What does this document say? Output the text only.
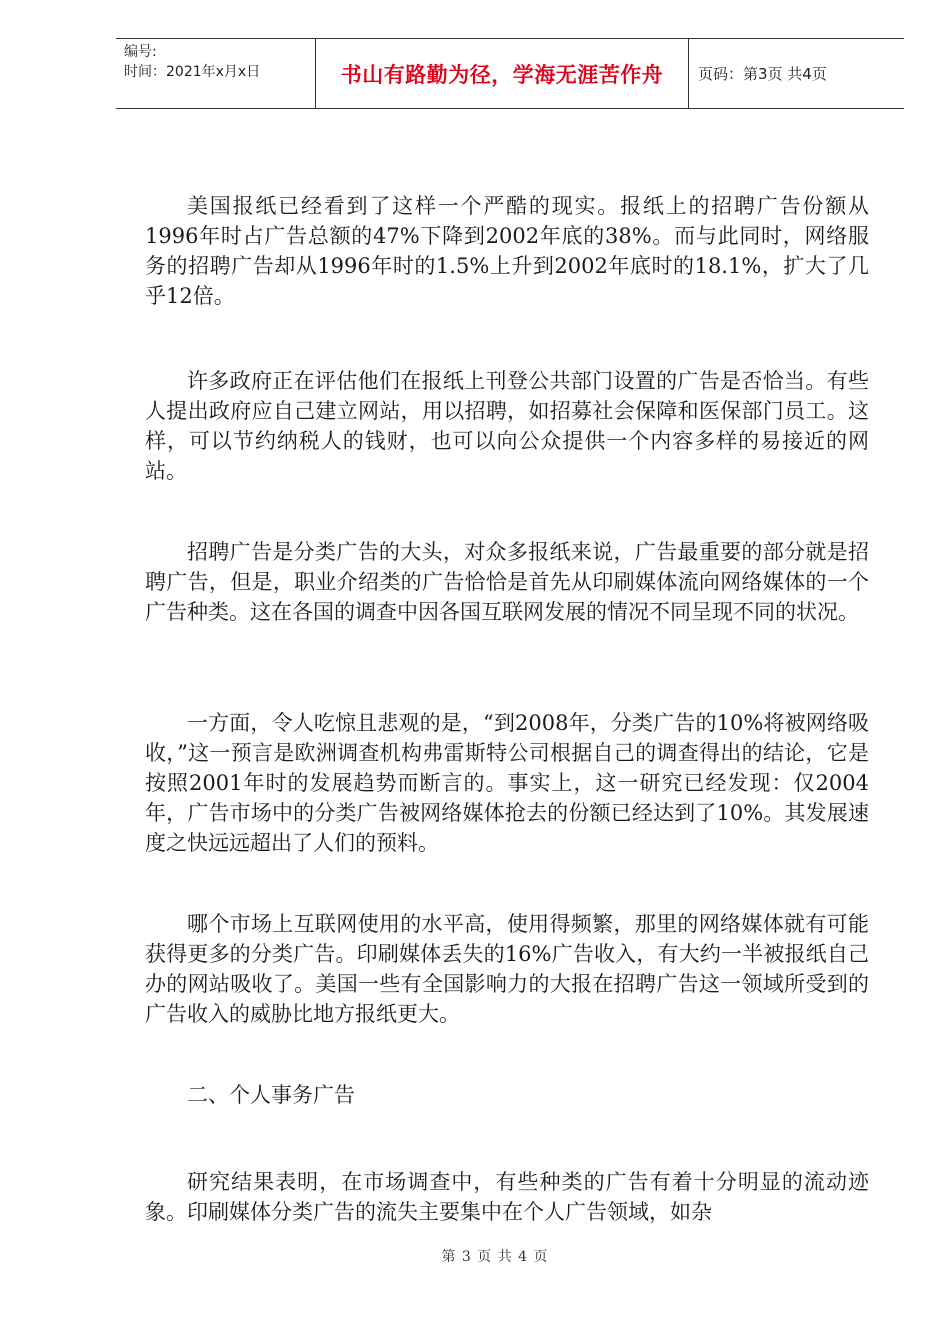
编号:
时间：2021年x月x日	书山有路勤为径，学海无涯苦作舟 页码：第3页 共4页

美国报纸已经看到了这样一个严酷的现实。报纸上的招聘广告份额从1996年时占广告总额的47%下降到2002年底的38%。而与此同时，网络服务的招聘广告却从1996年时的1.5%上升到2002年底时的18.1%，扩大了几乎12倍。

许多政府正在评估他们在报纸上刊登公共部门设置的广告是否恰当。有些人提出政府应自己建立网站，用以招聘，如招募社会保障和医保部门员工。这样，可以节约纳税人的钱财，也可以向公众提供一个内容多样的易接近的网站。

招聘广告是分类广告的大头，对众多报纸来说，广告最重要的部分就是招聘广告，但是，职业介绍类的广告恰恰是首先从印刷媒体流向网络媒体的一个广告种类。这在各国的调查中因各国互联网发展的情况不同呈现不同的状况。

一方面，令人吃惊且悲观的是，“到2008年，分类广告的10%将被网络吸收，”这一预言是欧洲调查机构弗雷斯特公司根据自己的调查得出的结论，它是按照2001年时的发展趋势而断言的。事实上，这一研究已经发现：仅2004年，广告市场中的分类广告被网络媒体抢去的份额已经达到了10%。其发展速度之快远远超出了人们的预料。

哪个市场上互联网使用的水平高，使用得频繁，那里的网络媒体就有可能获得更多的分类广告。印刷媒体丢失的16%广告收入，有大约一半被报纸自己办的网站吸收了。美国一些有全国影响力的大报在招聘广告这一领域所受到的广告收入的威胁比地方报纸更大。

二、个人事务广告

研究结果表明，在市场调查中，有些种类的广告有着十分明显的流动迹象。印刷媒体分类广告的流失主要集中在个人广告领域，如杂

第 3 页 共 4 页
